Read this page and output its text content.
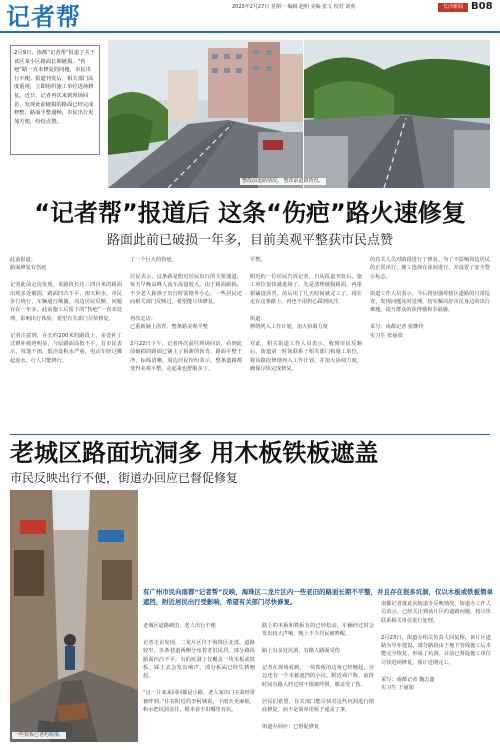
记者帮	2023年2月27日 星期一 编辑 赵明 美编 张文 校对 刘爽	长沙新闻 B08
2月9日，南都“记者帮”报道了关于该区某小区路面长期破损、“伤疤”路一直未修复的问题，市民出行不便。报道刊发后，相关部门高度重视，立即组织施工单位进场修复。近日，记者再次来到现场回访，发现此前破损的路面已经完成修整，路面平整通畅，市民出行更加方便，纷纷点赞。
整改前道路情况。 整改前道路情况。
“记者帮”报道后 这条“伤疤”路火速修复
路面此前已破损一年多，目前美观平整获市民点赞
此前报道：
路面修复有伤疤

记者此前走访发现，该路段长达三四百米的路面出现多处破损，路面凹凸不平，雨天积水，市民步行绕行，车辆通行颠簸。周边居民反映，问题存在一年多，此前施工后留下的“伤疤”一直未处理，影响出行体验，希望有关部门尽快修复。

记者注意到，在长约200米的路段上，多处补丁式修补痕迹明显，与原路面高低不平。有市民表示，每逢下雨，低洼处积水严重，电动车经过溅起泥水，行人只能绕行。
了一个巨大的伤疤。

居民表示，这条路是附近居民出行的主要通道，每天早晚高峰人流车流量较大。由于路面破损，不少老人和孩子出行时需格外小心。一些居民还向相关部门反映过，希望能尽快修复。

再次走访：
已重新铺上沥青，整条路美观平整

2月22日下午，记者再次前往现场回访，看到此前破损的路面已铺上了崭新的沥青，路面平整干净，标线清晰。周边居民纷纷表示，整条道路都变得美观平整，走起来也舒服多了。
平整。

附近的一位居民告诉记者，自从报道刊发后，施工单位很快就进场了，先是清理破损路面，再重新铺设沥青，前后用了几天时间就完工了。现在走在这条路上，再也不用担心踩到坑洼。

街道：
修缮列入工作计划，加大协调力度

对此，相关街道工作人员表示，收到市民反映后，街道第一时间联系了相关部门和施工单位，将该路段修缮列入工作计划，并加大协调力度，确保尽快完成修复。
的有关人员对路段进行了修复。为了不影响周边居民的正常出行，施工选择在夜间进行，并设置了安全警示标志。

街道工作人员表示，今后将加强对辖区道路的日常巡查，发现问题及时处理，切实解决好市民身边的出行难题，提升群众的获得感和幸福感。

采写：南都记者 张继玲
实习生 张丽波
老城区路面坑洞多 用木板铁板遮盖
市民反映出行不便，街道办回应已督促修复
一些铁板已老朽脱落。
有广州市民向南都“记者帮”反映，海珠区二龙片区内一些老旧的路面长期不平整，并且存在很多坑洞，仅以木板或铁板简单遮挡，附近居民出行受影响，希望有关部门尽快修复。
老城区道路破旧，老人出行不便

记者走访发现，二龙片区位于海珠区北部，道路较窄，多条巷道两侧分布着老旧民居。部分路段路面凹凸不平，有的坑洞上仅覆盖一块木板或铁板，踩上去会发出响声，部分板面已经生锈翘起。

“这一片来来回回都是小路，老人家出门买菜经常被绊到。”住在附近的李阿姨说，下雨天更麻烦，积水把坑洞盖住，根本看不出哪里有坑。
路上的木板和铁板有的已经松动，车辆经过时会发出较大声响，晚上不少居民被吵醒。

路上有多处坑洞，有路人路面受伤

记者在现场看到，一块铁板的边角已经翘起，旁边还有一个未被遮挡的小坑。附近商户称，前段时间有路人经过时不慎被绊倒，膝盖受了伤。

居民们希望，有关部门能尽快对这些坑洞进行彻底修复，而不是简单用板子遮盖了事。

街道办回应：已督促修复
南都记者就此向街道办反映情况。街道办工作人员表示，已经关注到该片区的道路问题，将尽快联系相关单位进行处理。

2月23日，街道办相关负责人回复称，该片区道路为早年建设，部分路段由于地下管线施工后未能完全恢复，形成了坑洞。目前已督促施工单位尽快进场修复，预计近期完工。

采写：南都记者 魏志鑫
实习生 王丽娟
